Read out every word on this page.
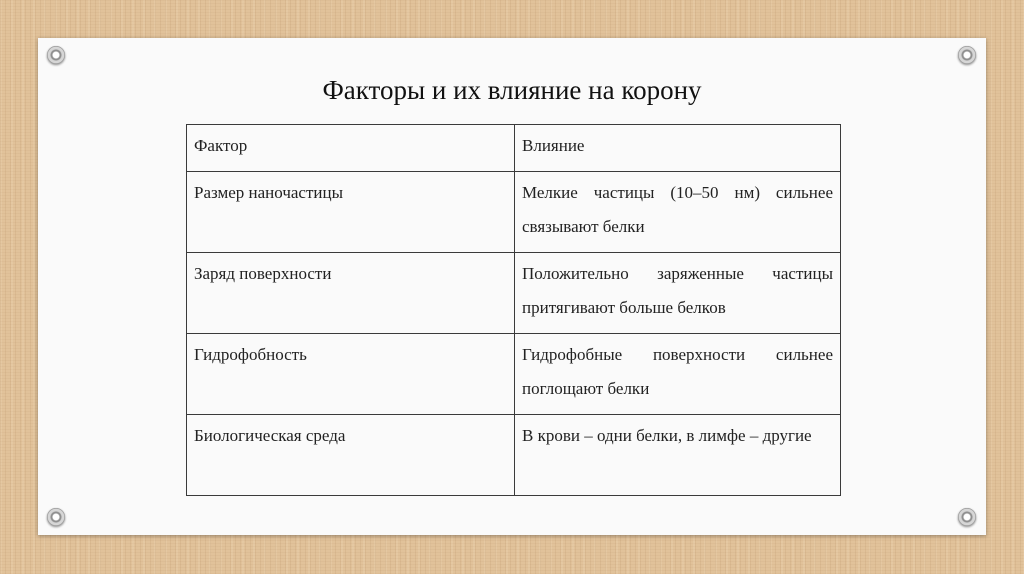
Факторы и их влияние на корону
Фактор	Влияние
Размер наночастицы	Мелкие частицы (10–50 нм) сильнее связывают белки
Заряд поверхности	Положительно заряженные частицы притягивают больше белков
Гидрофобность	Гидрофобные поверхности сильнее поглощают белки
Биологическая среда	В крови – одни белки, в лимфе – другие
